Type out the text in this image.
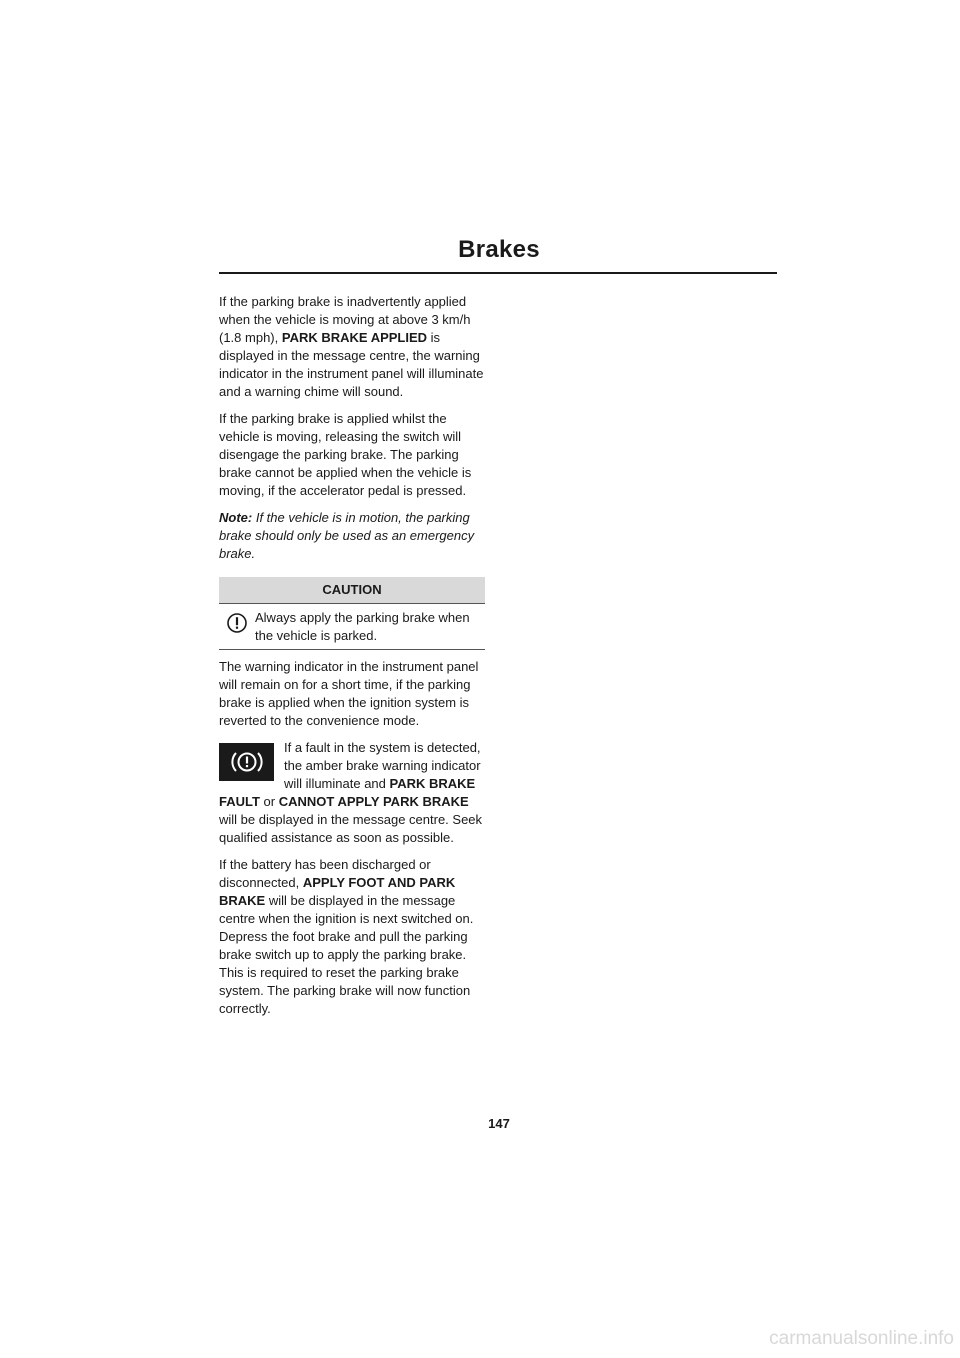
Brakes

If the parking brake is inadvertently applied when the vehicle is moving at above 3 km/h (1.8 mph), PARK BRAKE APPLIED is displayed in the message centre, the warning indicator in the instrument panel will illuminate and a warning chime will sound.

If the parking brake is applied whilst the vehicle is moving, releasing the switch will disengage the parking brake. The parking brake cannot be applied when the vehicle is moving, if the accelerator pedal is pressed.

Note: If the vehicle is in motion, the parking brake should only be used as an emergency brake.

CAUTION
Always apply the parking brake when the vehicle is parked.

The warning indicator in the instrument panel will remain on for a short time, if the parking brake is applied when the ignition system is reverted to the convenience mode.

If a fault in the system is detected, the amber brake warning indicator will illuminate and PARK BRAKE FAULT or CANNOT APPLY PARK BRAKE will be displayed in the message centre. Seek qualified assistance as soon as possible.

If the battery has been discharged or disconnected, APPLY FOOT AND PARK BRAKE will be displayed in the message centre when the ignition is next switched on. Depress the foot brake and pull the parking brake switch up to apply the parking brake. This is required to reset the parking brake system. The parking brake will now function correctly.

147
carmanualsonline.info
